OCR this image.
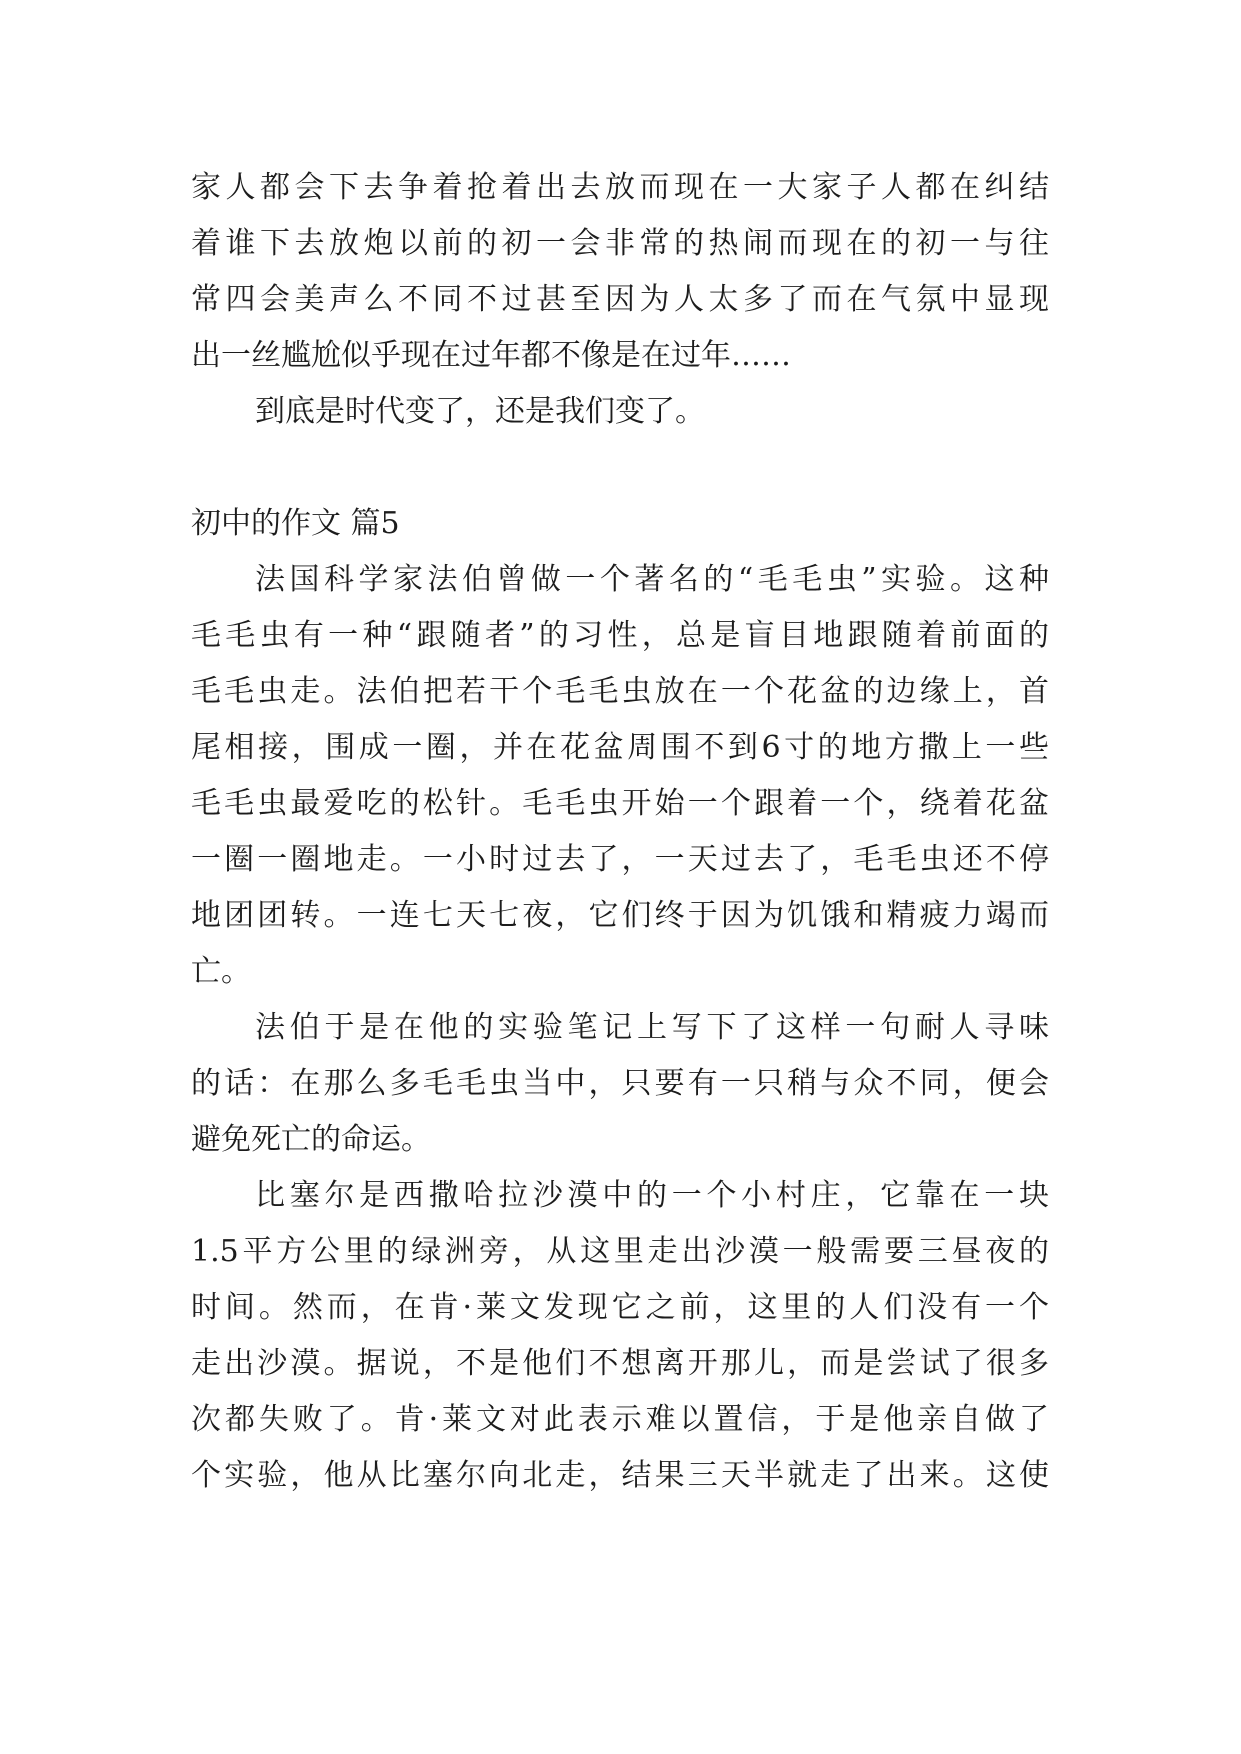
家人都会下去争着抢着出去放而现在一大家子人都在纠结
着谁下去放炮以前的初一会非常的热闹而现在的初一与往
常四会美声么不同不过甚至因为人太多了而在气氛中显现
出一丝尴尬似乎现在过年都不像是在过年……
到底是时代变了，还是我们变了。
初中的作文 篇5
法国科学家法伯曾做一个著名的“毛毛虫”实验。这种
毛毛虫有一种“跟随者”的习性，总是盲目地跟随着前面的
毛毛虫走。法伯把若干个毛毛虫放在一个花盆的边缘上，首
尾相接，围成一圈，并在花盆周围不到6寸的地方撒上一些
毛毛虫最爱吃的松针。毛毛虫开始一个跟着一个，绕着花盆
一圈一圈地走。一小时过去了，一天过去了，毛毛虫还不停
地团团转。一连七天七夜，它们终于因为饥饿和精疲力竭而
亡。
法伯于是在他的实验笔记上写下了这样一句耐人寻味
的话：在那么多毛毛虫当中，只要有一只稍与众不同，便会
避免死亡的命运。
比塞尔是西撒哈拉沙漠中的一个小村庄，它靠在一块
1.5平方公里的绿洲旁，从这里走出沙漠一般需要三昼夜的
时间。然而，在肯·莱文发现它之前，这里的人们没有一个
走出沙漠。据说，不是他们不想离开那儿，而是尝试了很多
次都失败了。肯·莱文对此表示难以置信，于是他亲自做了
个实验，他从比塞尔向北走，结果三天半就走了出来。这使
